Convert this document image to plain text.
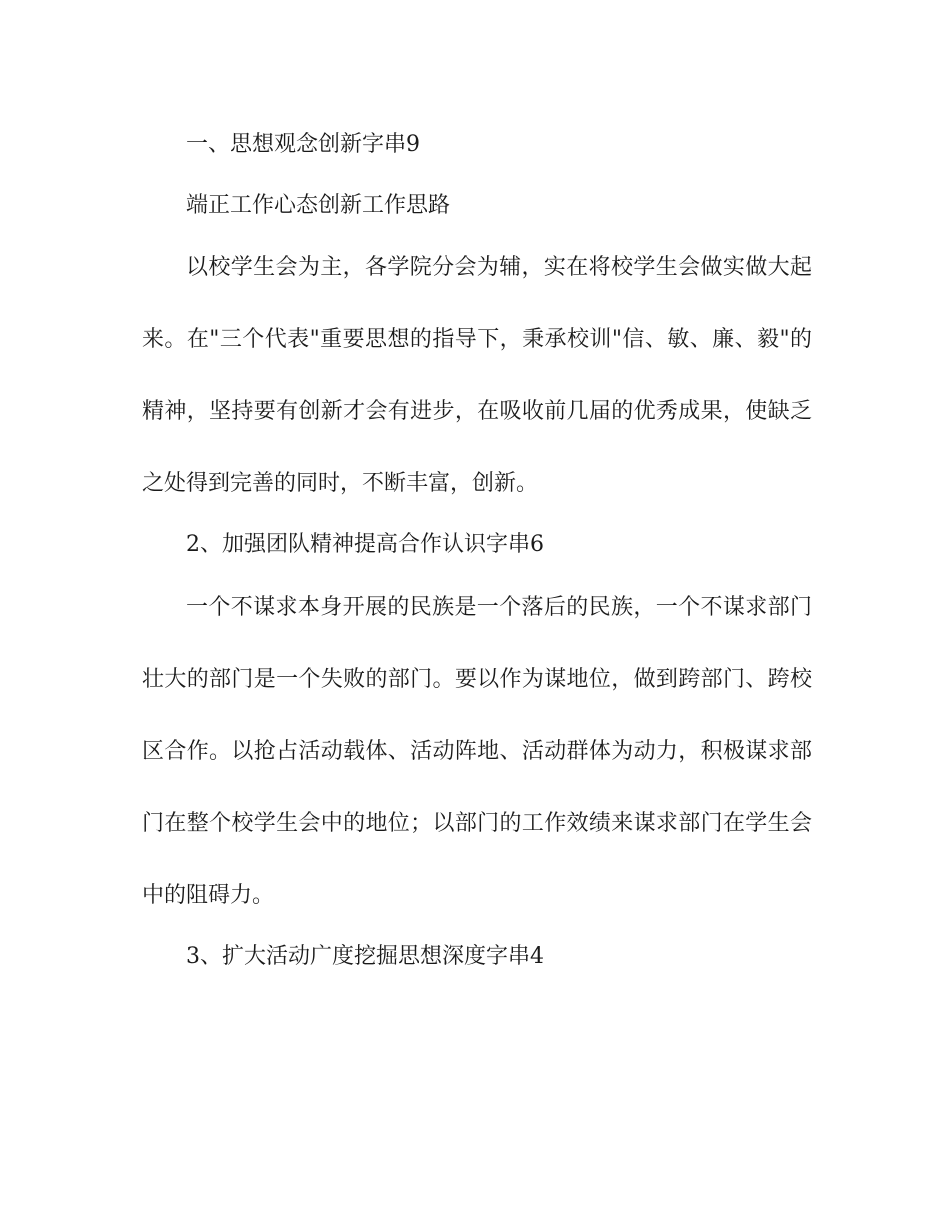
一、思想观念创新字串9

端正工作心态创新工作思路

以校学生会为主，各学院分会为辅，实在将校学生会做实做大起来。在"三个代表"重要思想的指导下，秉承校训"信、敏、廉、毅"的精神，坚持要有创新才会有进步，在吸收前几届的优秀成果，使缺乏之处得到完善的同时，不断丰富，创新。

2、加强团队精神提高合作认识字串6

一个不谋求本身开展的民族是一个落后的民族，一个不谋求部门壮大的部门是一个失败的部门。要以作为谋地位，做到跨部门、跨校区合作。以抢占活动载体、活动阵地、活动群体为动力，积极谋求部门在整个校学生会中的地位；以部门的工作效绩来谋求部门在学生会中的阻碍力。

3、扩大活动广度挖掘思想深度字串4
